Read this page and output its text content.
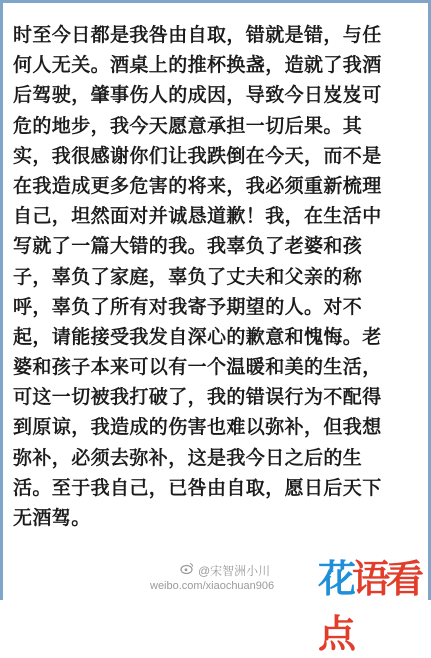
时至今日都是我咎由自取，错就是错，与任
何人无关。酒桌上的推杯换盏，造就了我酒
后驾驶，肇事伤人的成因，导致今日岌岌可
危的地步，我今天愿意承担一切后果。其
实，我很感谢你们让我跌倒在今天，而不是
在我造成更多危害的将来，我必须重新梳理
自己，坦然面对并诚恳道歉！我，在生活中
写就了一篇大错的我。我辜负了老婆和孩
子，辜负了家庭，辜负了丈夫和父亲的称
呼，辜负了所有对我寄予期望的人。对不
起，请能接受我发自深心的歉意和愧悔。老
婆和孩子本来可以有一个温暖和美的生活，
可这一切被我打破了，我的错误行为不配得
到原谅，我造成的伤害也难以弥补，但我想
弥补，必须去弥补，这是我今日之后的生
活。至于我自己，已咎由自取，愿日后天下
无酒驾。
@宋智洲小川
weibo.com/xiaochuan906 花语看点
